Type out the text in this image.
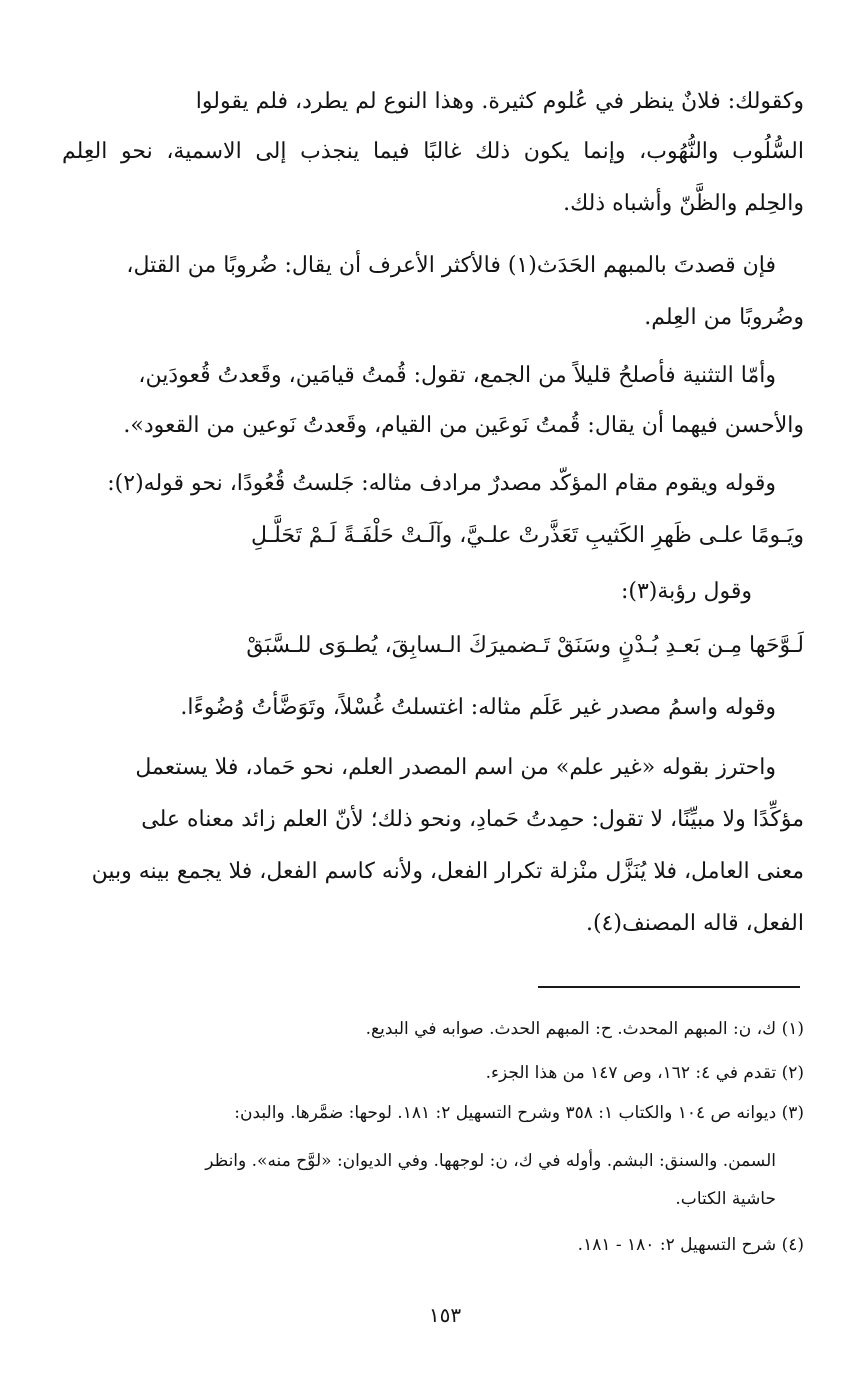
وكقولك: فلانٌ ينظر في عُلوم كثيرة. وهذا النوع لم يطرد، فلم يقولوا
السُّلُوب والنُّهُوب، وإنما يكون ذلك غالبًا فيما ينجذب إلى الاسمية، نحو العِلم
والحِلم والظَّنّ وأشباه ذلك.
فإن قصدتَ بالمبهم الحَدَث(١) فالأكثر الأعرف أن يقال: ضُروبًا من القتل،
وضُروبًا من العِلم.
وأمّا التثنية فأصلحُ قليلاً من الجمع، تقول: قُمتُ قيامَين، وقَعدتُ قُعودَين،
والأحسن فيهما أن يقال: قُمتُ نَوعَين من القيام، وقَعدتُ نَوعين من القعود».
وقوله ويقوم مقام المؤكّد مصدرٌ مرادف مثاله: جَلستُ قُعُودًا، نحو قوله(٢):
ويَـومًا علـى ظَهرِ الكَثيبِ تَعَذَّرتْ علـيَّ، وآلَـتْ حَلْفَـةً لَـمْ تَحَلَّـلِ
وقول رؤبة(٣):
لَـوَّحَها مِـن بَعـدِ بُـدْنٍ وسَنَقْ تَـضميرَكَ الـسابِقَ، يُطـوَى للـسَّبَقْ
وقوله واسمُ مصدر غير عَلَم مثاله: اغتسلتُ غُسْلاً، وتَوَضَّأتُ وُضُوءًا.
واحترز بقوله «غير علم» من اسم المصدر العلم، نحو حَماد، فلا يستعمل
مؤكِّدًا ولا مبيِّنًا، لا تقول: حمِدتُ حَمادِ، ونحو ذلك؛ لأنّ العلم زائد معناه على
معنى العامل، فلا يُنَزَّل منْزلة تكرار الفعل، ولأنه كاسم الفعل، فلا يجمع بينه وبين
الفعل، قاله المصنف(٤).
(١) ك، ن: المبهم المحدث. ح: المبهم الحدث. صوابه في البديع.
(٢) تقدم في ٤: ١٦٢، وص ١٤٧ من هذا الجزء.
(٣) ديوانه ص ١٠٤ والكتاب ١: ٣٥٨ وشرح التسهيل ٢: ١٨١. لوحها: ضمَّرها. والبدن:
السمن. والسنق: البشم. وأوله في ك، ن: لوجهها. وفي الديوان: «لوَّح منه». وانظر
حاشية الكتاب.
(٤) شرح التسهيل ٢: ١٨٠ - ١٨١.
١٥٣
